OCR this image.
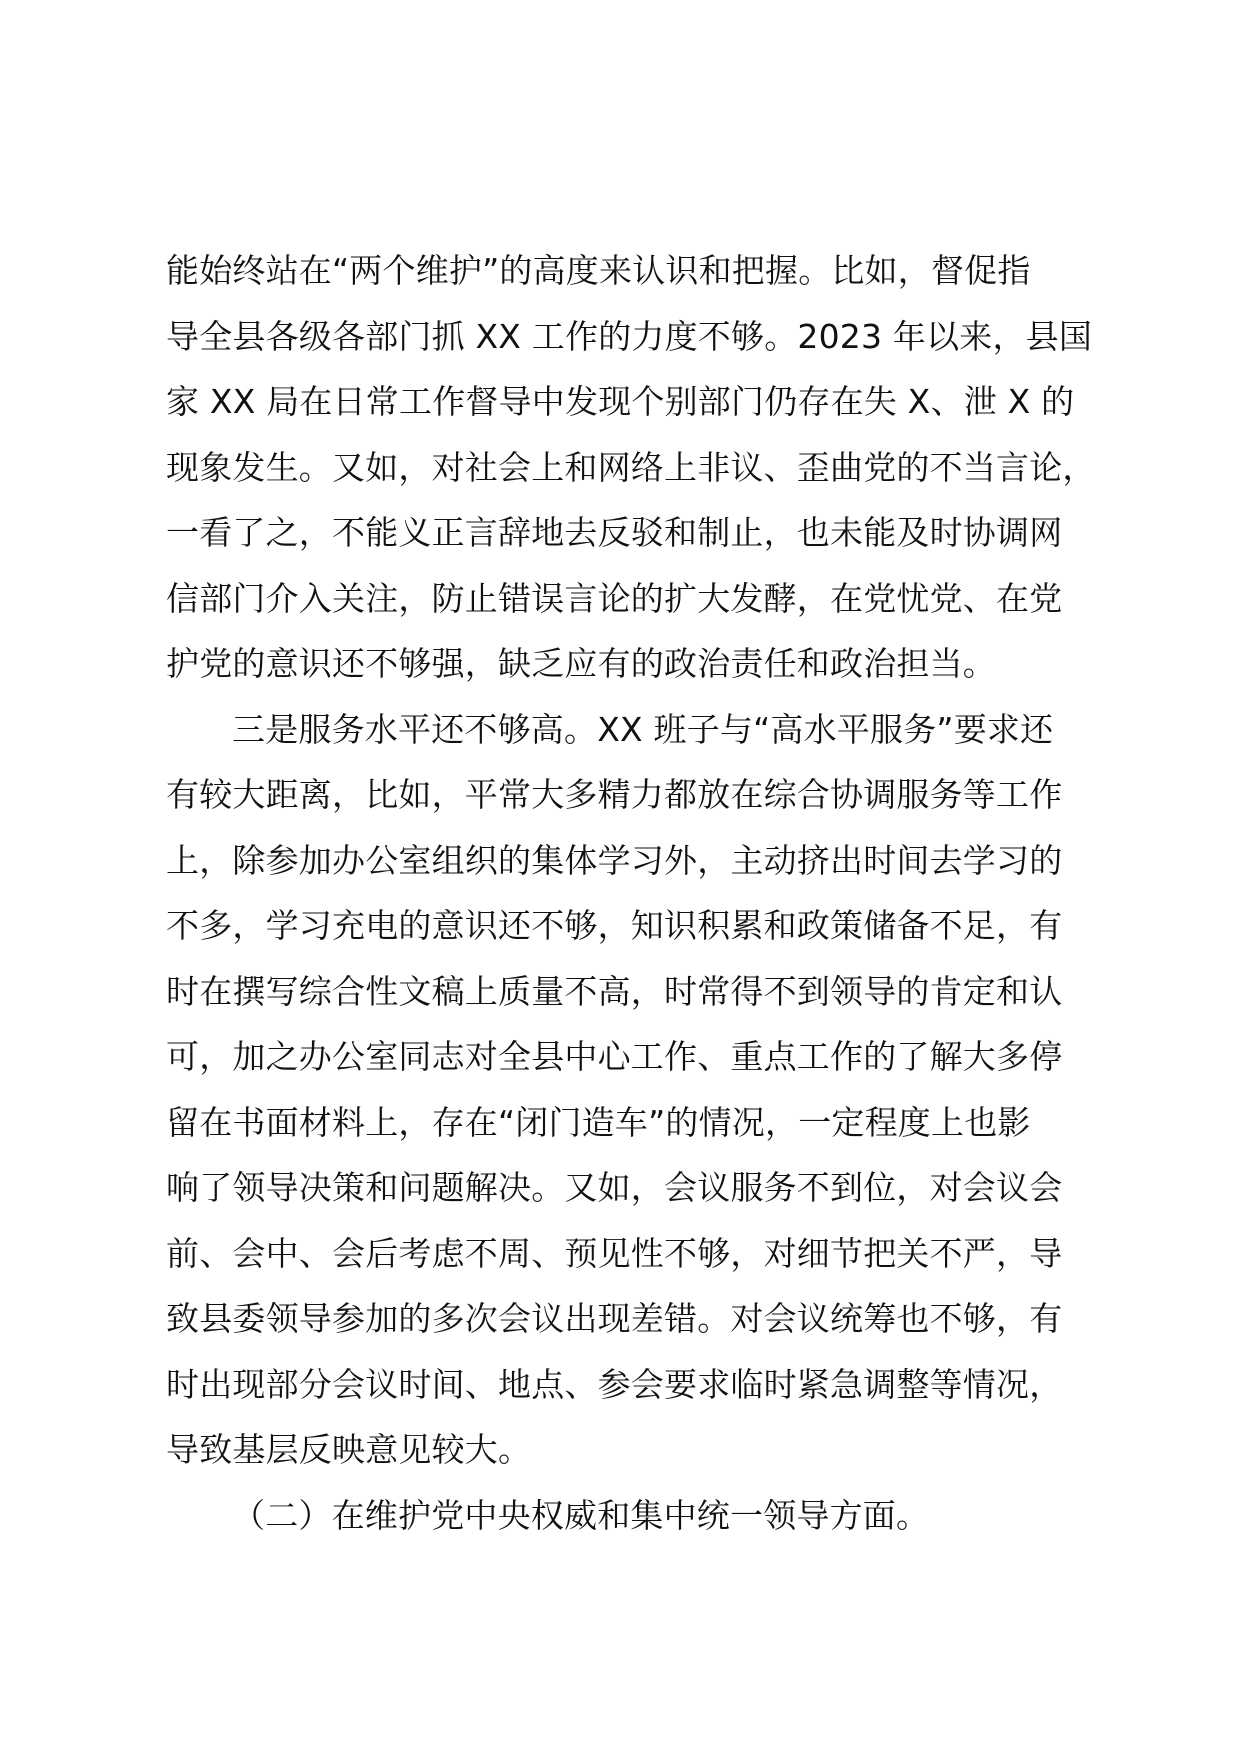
能始终站在“两个维护”的高度来认识和把握。比如，督促指
导全县各级各部门抓 XX 工作的力度不够。2023 年以来，县国
家 XX 局在日常工作督导中发现个别部门仍存在失 X、泄 X 的
现象发生。又如，对社会上和网络上非议、歪曲党的不当言论，
一看了之，不能义正言辞地去反驳和制止，也未能及时协调网
信部门介入关注，防止错误言论的扩大发酵，在党忧党、在党
护党的意识还不够强，缺乏应有的政治责任和政治担当。
三是服务水平还不够高。XX 班子与“高水平服务”要求还
有较大距离，比如，平常大多精力都放在综合协调服务等工作
上，除参加办公室组织的集体学习外，主动挤出时间去学习的
不多，学习充电的意识还不够，知识积累和政策储备不足，有
时在撰写综合性文稿上质量不高，时常得不到领导的肯定和认
可，加之办公室同志对全县中心工作、重点工作的了解大多停
留在书面材料上，存在“闭门造车”的情况，一定程度上也影
响了领导决策和问题解决。又如，会议服务不到位，对会议会
前、会中、会后考虑不周、预见性不够，对细节把关不严，导
致县委领导参加的多次会议出现差错。对会议统筹也不够，有
时出现部分会议时间、地点、参会要求临时紧急调整等情况，
导致基层反映意见较大。
（二）在维护党中央权威和集中统一领导方面。
